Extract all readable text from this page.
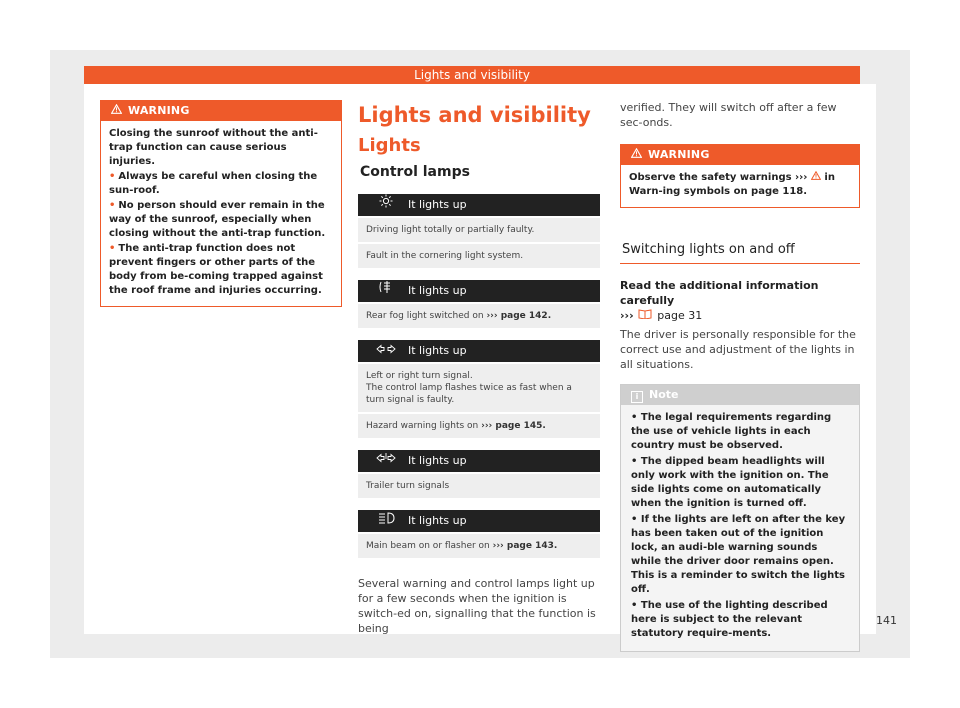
Lights and visibility
WARNING

Closing the sunroof without the anti-trap function can cause serious injuries.

• Always be careful when closing the sun-roof.

• No person should ever remain in the way of the sunroof, especially when closing without the anti-trap function.

• The anti-trap function does not prevent fingers or other parts of the body from be-coming trapped against the roof frame and injuries occurring.

Lights and visibility
Lights
Control lamps
It lights up
Driving light totally or partially faulty.
Fault in the cornering light system.
It lights up
Rear fog light switched on ››› page 142.
It lights up
Left or right turn signal.
The control lamp flashes twice as fast when a turn signal is faulty.
Hazard warning lights on ››› page 145.
It lights up
Trailer turn signals
It lights up
Main beam on or flasher on ››› page 143.

Several warning and control lamps light up for a few seconds when the ignition is switch-ed on, signalling that the function is being

verified. They will switch off after a few sec-onds.

WARNING

Observe the safety warnings ››› in Warn-ing symbols on page 118.

Switching lights on and off

Read the additional information carefully
››› page 31

The driver is personally responsible for the correct use and adjustment of the lights in all situations.

i Note

• The legal requirements regarding the use of vehicle lights in each country must be observed.

• The dipped beam headlights will only work with the ignition on. The side lights come on automatically when the ignition is turned off.

• If the lights are left on after the key has been taken out of the ignition lock, an audi-ble warning sounds while the driver door remains open. This is a reminder to switch the lights off.

• The use of the lighting described here is subject to the relevant statutory require-ments.

141
